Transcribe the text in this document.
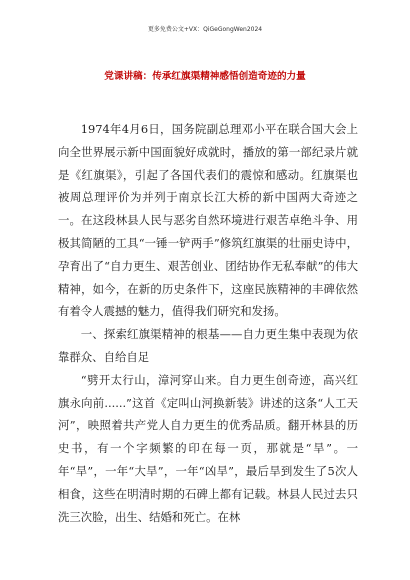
更多免费公文+VX：QiGeGongWen2024
党课讲稿：传承红旗渠精神感悟创造奇迹的力量

1974年4月6日，国务院副总理邓小平在联合国大会上向全世界展示新中国面貌好成就时，播放的第一部纪录片就是《红旗渠》，引起了各国代表们的震惊和感动。红旗渠也被周总理评价为并列于南京长江大桥的新中国两大奇迹之一。在这段林县人民与恶劣自然环境进行艰苦卓绝斗争、用极其简陋的工具“一锤一铲两手”修筑红旗渠的壮丽史诗中，孕育出了“自力更生、艰苦创业、团结协作无私奉献”的伟大精神，如今，在新的历史条件下，这座民族精神的丰碑依然有着令人震撼的魅力，值得我们研究和发扬。

一、探索红旗渠精神的根基——自力更生集中表现为依靠群众、自给自足

“劈开太行山，漳河穿山来。自力更生创奇迹，高兴红旗永向前......”这首《定叫山河换新装》讲述的这条“人工天河”，映照着共产党人自力更生的优秀品质。翻开林县的历史书，有一个字频繁的印在每一页，那就是“旱”。一年“旱”，一年“大旱”，一年“凶旱”，最后旱到发生了5次人相食，这些在明清时期的石碑上都有记载。林县人民过去只洗三次脸，出生、结婚和死亡。在林
